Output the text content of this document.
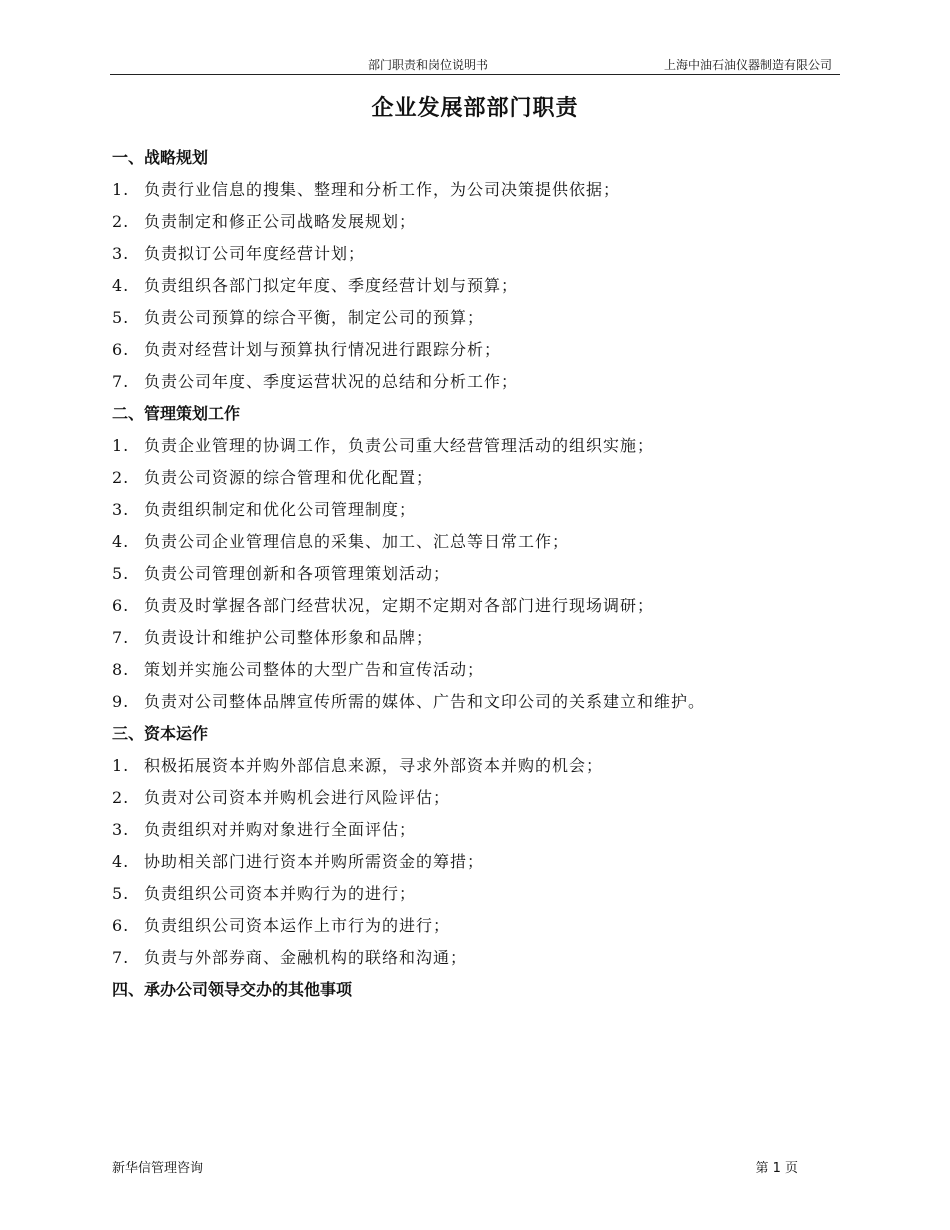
部门职责和岗位说明书	上海中油石油仪器制造有限公司
企业发展部部门职责
一、战略规划
1. 负责行业信息的搜集、整理和分析工作，为公司决策提供依据；
2. 负责制定和修正公司战略发展规划；
3. 负责拟订公司年度经营计划；
4. 负责组织各部门拟定年度、季度经营计划与预算；
5. 负责公司预算的综合平衡，制定公司的预算；
6. 负责对经营计划与预算执行情况进行跟踪分析；
7. 负责公司年度、季度运营状况的总结和分析工作；
二、管理策划工作
1. 负责企业管理的协调工作，负责公司重大经营管理活动的组织实施；
2. 负责公司资源的综合管理和优化配置；
3. 负责组织制定和优化公司管理制度；
4. 负责公司企业管理信息的采集、加工、汇总等日常工作；
5. 负责公司管理创新和各项管理策划活动；
6. 负责及时掌握各部门经营状况，定期不定期对各部门进行现场调研；
7. 负责设计和维护公司整体形象和品牌；
8. 策划并实施公司整体的大型广告和宣传活动；
9. 负责对公司整体品牌宣传所需的媒体、广告和文印公司的关系建立和维护。
三、资本运作
1. 积极拓展资本并购外部信息来源，寻求外部资本并购的机会；
2. 负责对公司资本并购机会进行风险评估；
3. 负责组织对并购对象进行全面评估；
4. 协助相关部门进行资本并购所需资金的筹措；
5. 负责组织公司资本并购行为的进行；
6. 负责组织公司资本运作上市行为的进行；
7. 负责与外部券商、金融机构的联络和沟通；
四、承办公司领导交办的其他事项
新华信管理咨询	第 1 页
